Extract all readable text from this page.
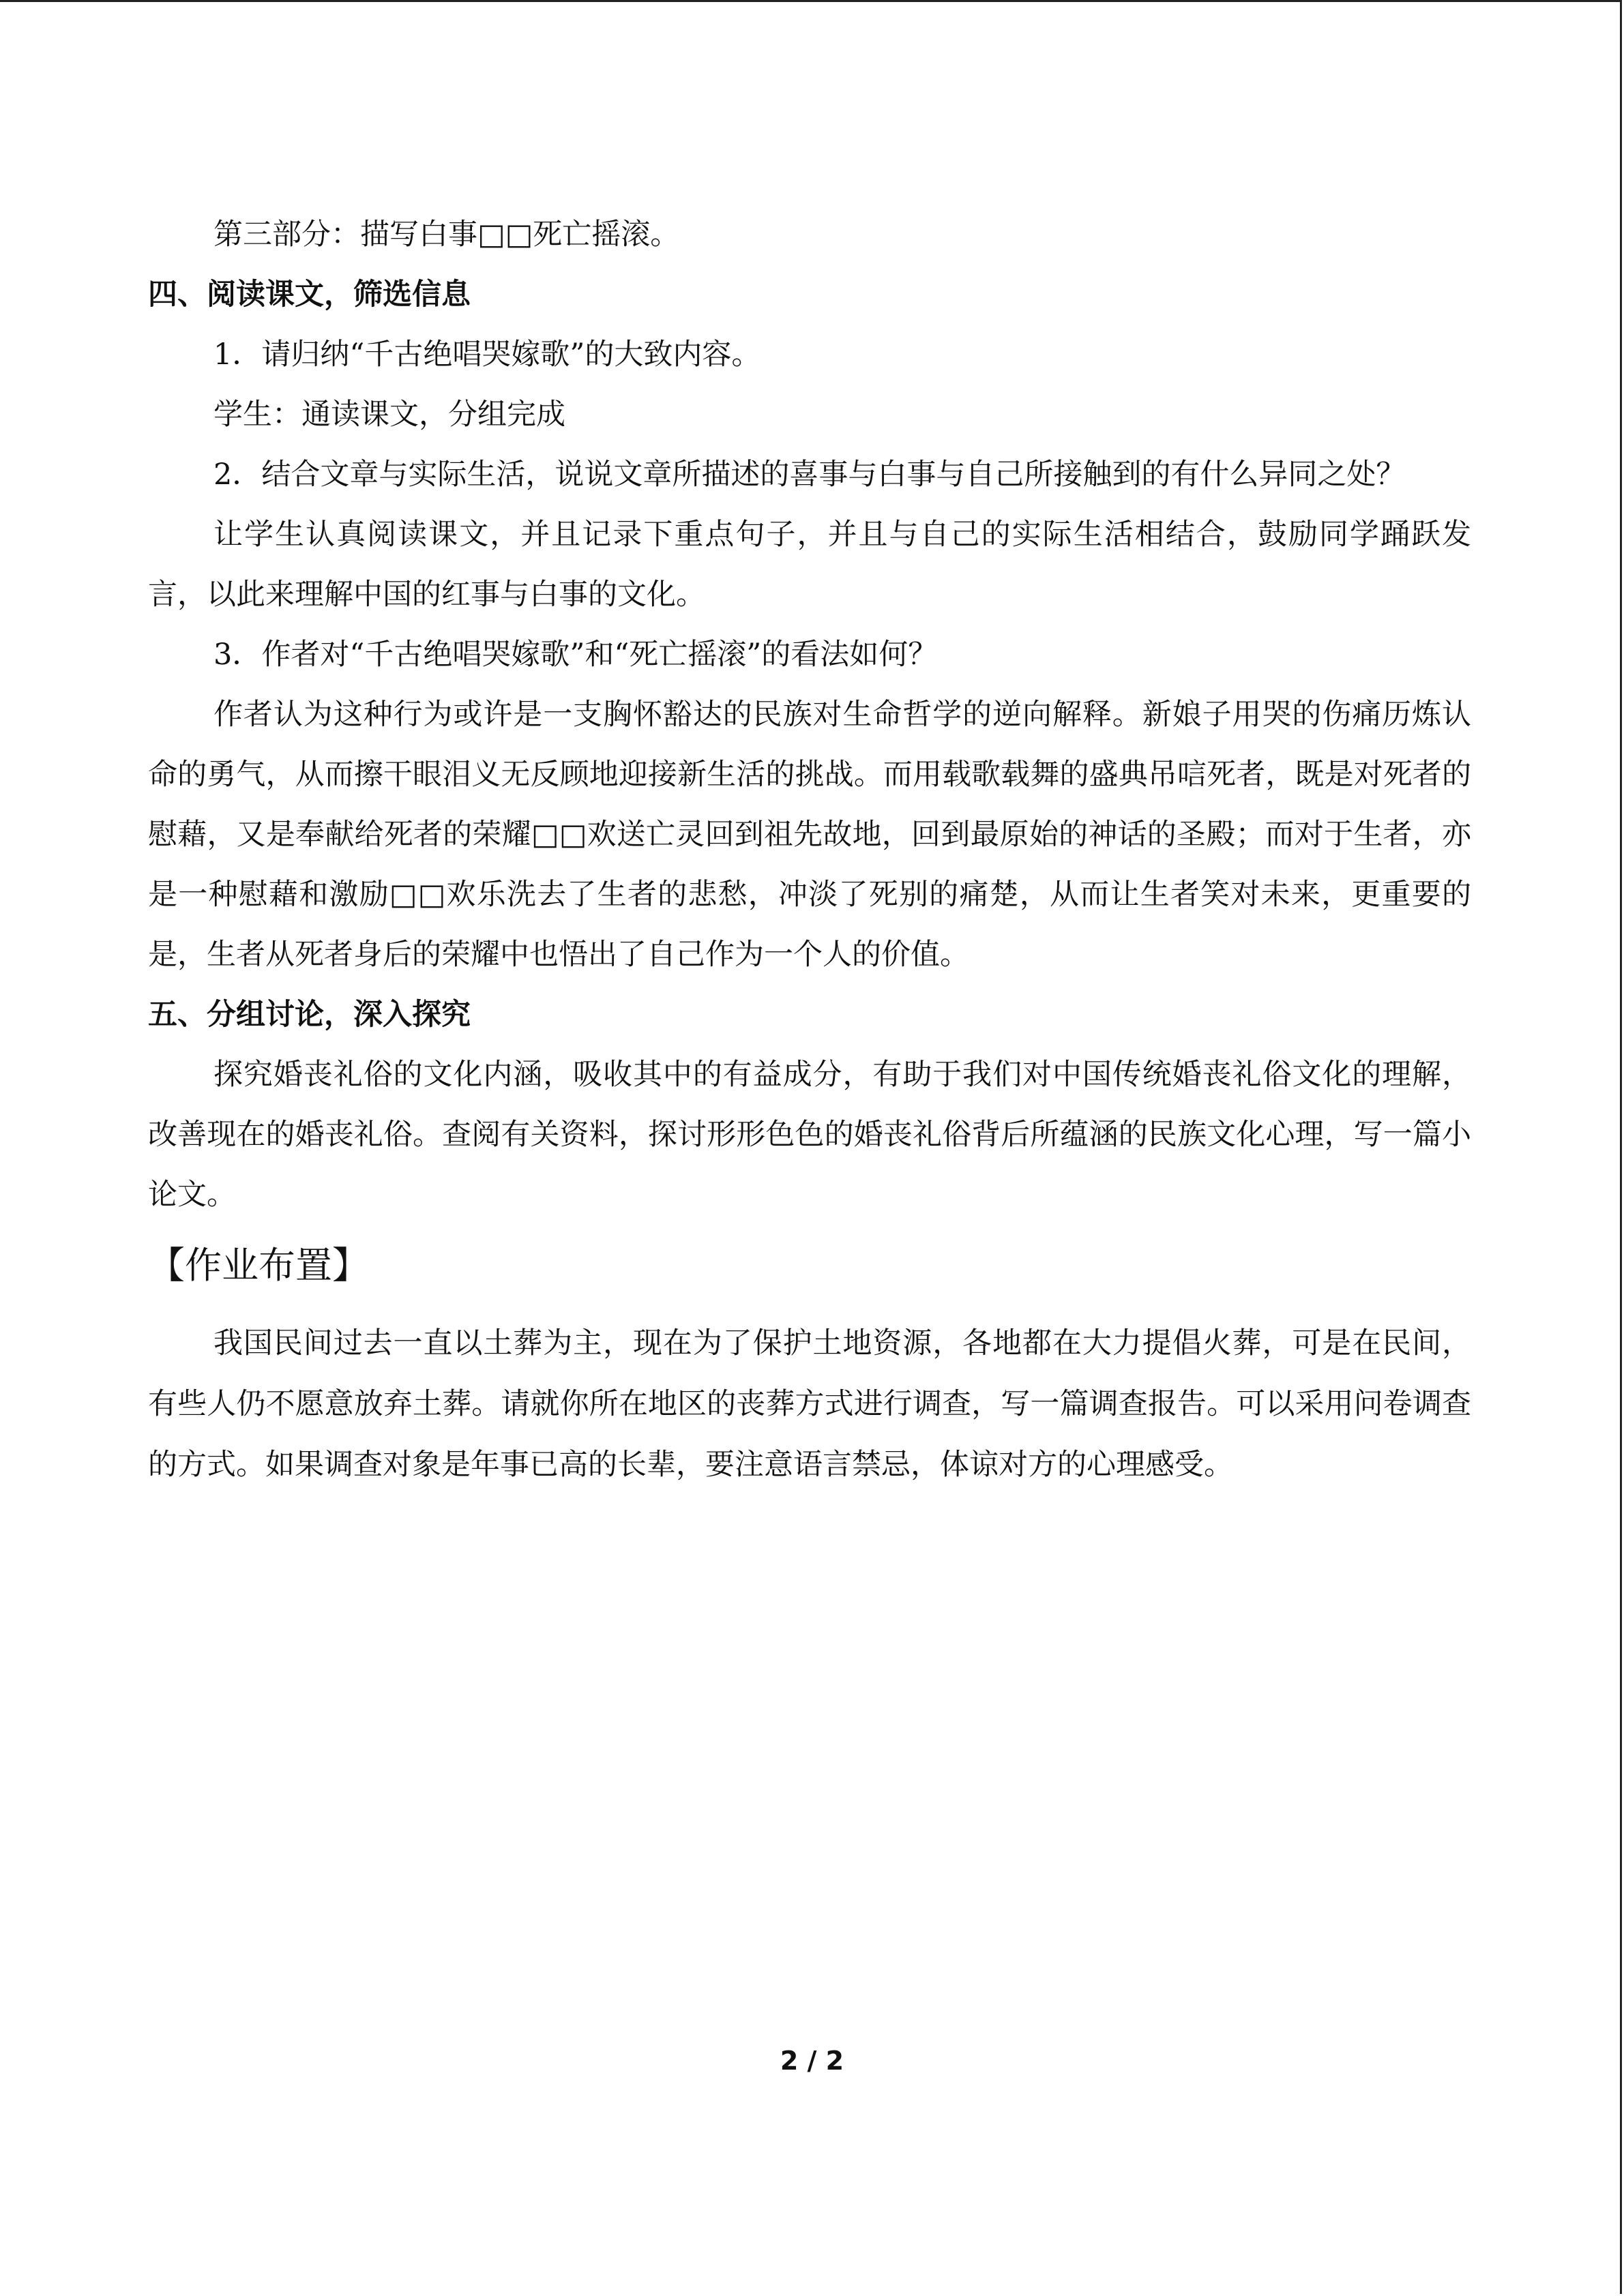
第三部分：描写白事□□死亡摇滚。

四、阅读课文，筛选信息

1．请归纳“千古绝唱哭嫁歌”的大致内容。

学生：通读课文，分组完成

2．结合文章与实际生活，说说文章所描述的喜事与白事与自己所接触到的有什么异同之处？

让学生认真阅读课文，并且记录下重点句子，并且与自己的实际生活相结合，鼓励同学踊跃发言，以此来理解中国的红事与白事的文化。

3．作者对“千古绝唱哭嫁歌”和“死亡摇滚”的看法如何？

作者认为这种行为或许是一支胸怀豁达的民族对生命哲学的逆向解释。新娘子用哭的伤痛历炼认命的勇气，从而擦干眼泪义无反顾地迎接新生活的挑战。而用载歌载舞的盛典吊唁死者，既是对死者的慰藉，又是奉献给死者的荣耀□□欢送亡灵回到祖先故地，回到最原始的神话的圣殿；而对于生者，亦是一种慰藉和激励□□欢乐洗去了生者的悲愁，冲淡了死别的痛楚，从而让生者笑对未来，更重要的是，生者从死者身后的荣耀中也悟出了自己作为一个人的价值。

五、分组讨论，深入探究

探究婚丧礼俗的文化内涵，吸收其中的有益成分，有助于我们对中国传统婚丧礼俗文化的理解，改善现在的婚丧礼俗。查阅有关资料，探讨形形色色的婚丧礼俗背后所蕴涵的民族文化心理，写一篇小论文。

【作业布置】

我国民间过去一直以土葬为主，现在为了保护土地资源，各地都在大力提倡火葬，可是在民间，有些人仍不愿意放弃土葬。请就你所在地区的丧葬方式进行调查，写一篇调查报告。可以采用问卷调查的方式。如果调查对象是年事已高的长辈，要注意语言禁忌，体谅对方的心理感受。

2 / 2
